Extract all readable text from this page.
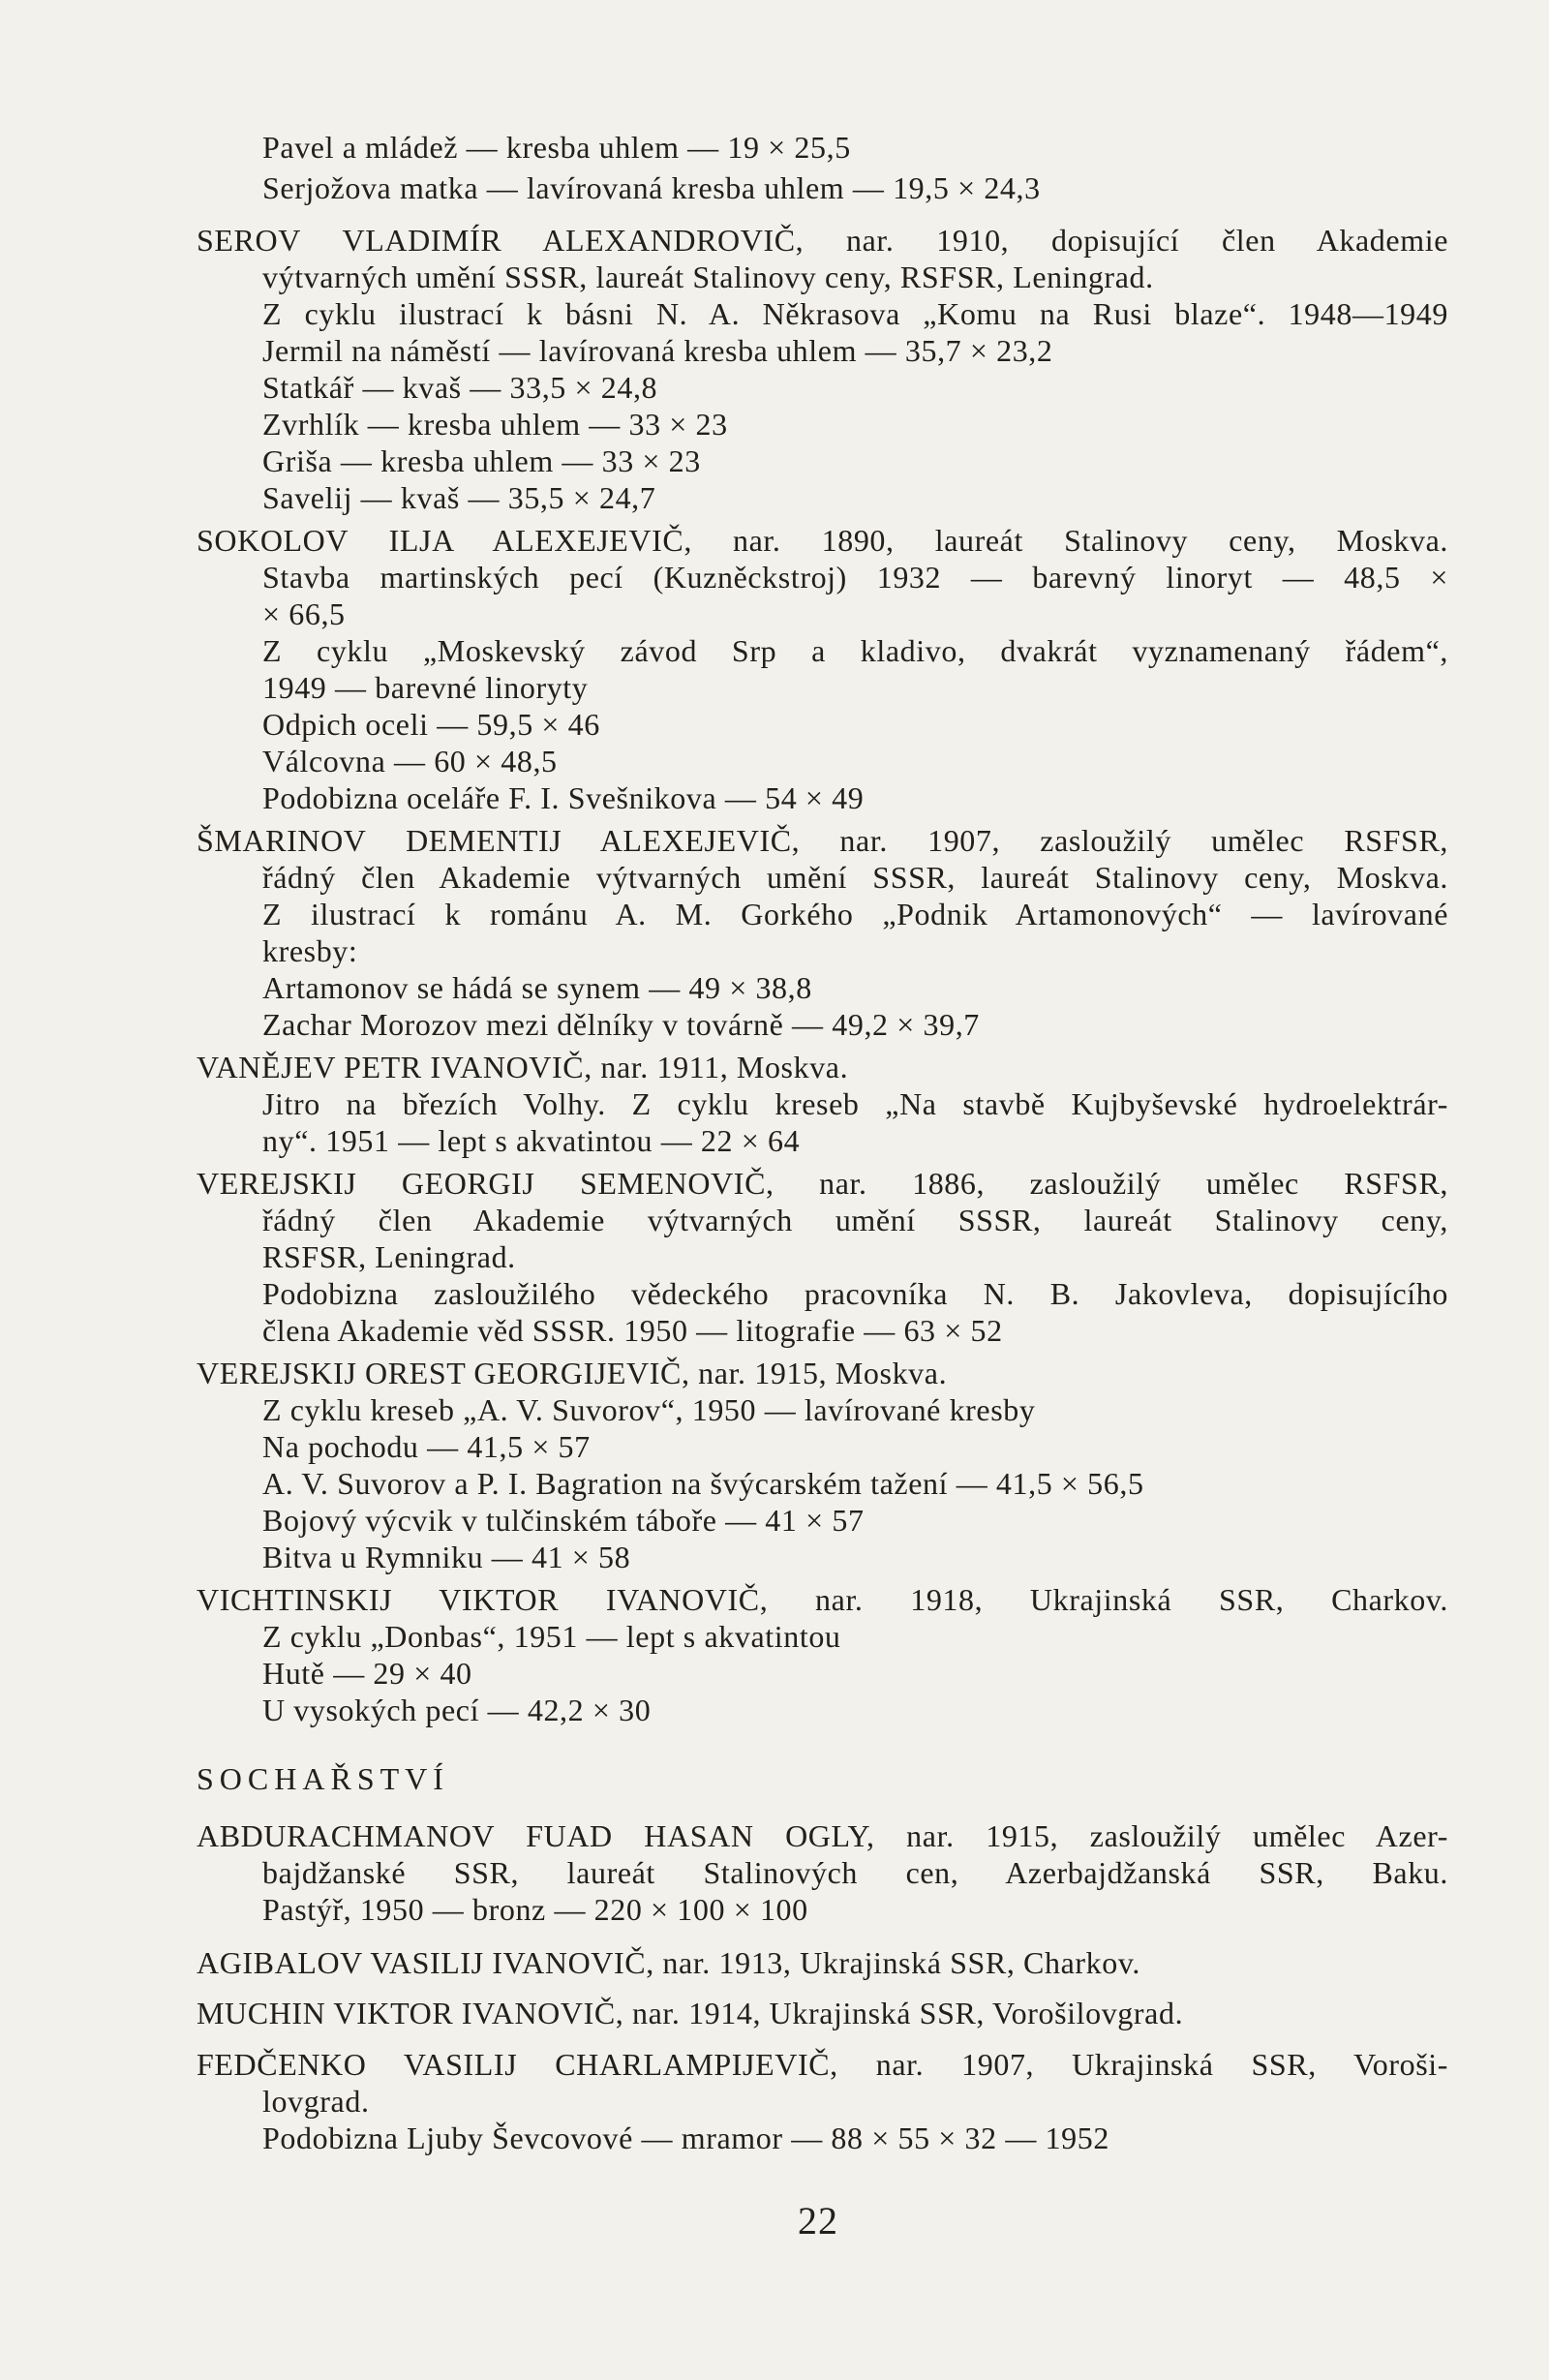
Pavel a mládež — kresba uhlem — 19 × 25,5
Serjožova matka — lavírovaná kresba uhlem — 19,5 × 24,3
SEROV VLADIMÍR ALEXANDROVIČ, nar. 1910, dopisující člen Akademie
výtvarných umění SSSR, laureát Stalinovy ceny, RSFSR, Leningrad.
Z cyklu ilustrací k básni N. A. Někrasova „Komu na Rusi blaze“. 1948—1949
Jermil na náměstí — lavírovaná kresba uhlem — 35,7 × 23,2
Statkář — kvaš — 33,5 × 24,8
Zvrhlík — kresba uhlem — 33 × 23
Griša — kresba uhlem — 33 × 23
Savelij — kvaš — 35,5 × 24,7
SOKOLOV ILJA ALEXEJEVIČ, nar. 1890, laureát Stalinovy ceny, Moskva.
Stavba martinských pecí (Kuzněckstroj) 1932 — barevný linoryt — 48,5 ×
× 66,5
Z cyklu „Moskevský závod Srp a kladivo, dvakrát vyznamenaný řádem“,
1949 — barevné linoryty
Odpich oceli — 59,5 × 46
Válcovna — 60 × 48,5
Podobizna oceláře F. I. Svešnikova — 54 × 49
ŠMARINOV DEMENTIJ ALEXEJEVIČ, nar. 1907, zasloužilý umělec RSFSR,
řádný člen Akademie výtvarných umění SSSR, laureát Stalinovy ceny, Moskva.
Z ilustrací k románu A. M. Gorkého „Podnik Artamonových“ — lavírované
kresby:
Artamonov se hádá se synem — 49 × 38,8
Zachar Morozov mezi dělníky v továrně — 49,2 × 39,7
VANĚJEV PETR IVANOVIČ, nar. 1911, Moskva.
Jitro na březích Volhy. Z cyklu kreseb „Na stavbě Kujbyševské hydroelektrár-
ny“. 1951 — lept s akvatintou — 22 × 64
VEREJSKIJ GEORGIJ SEMENOVIČ, nar. 1886, zasloužilý umělec RSFSR,
řádný člen Akademie výtvarných umění SSSR, laureát Stalinovy ceny,
RSFSR, Leningrad.
Podobizna zasloužilého vědeckého pracovníka N. B. Jakovleva, dopisujícího
člena Akademie věd SSSR. 1950 — litografie — 63 × 52
VEREJSKIJ OREST GEORGIJEVIČ, nar. 1915, Moskva.
Z cyklu kreseb „A. V. Suvorov“, 1950 — lavírované kresby
Na pochodu — 41,5 × 57
A. V. Suvorov a P. I. Bagration na švýcarském tažení — 41,5 × 56,5
Bojový výcvik v tulčinském táboře — 41 × 57
Bitva u Rymniku — 41 × 58
VICHTINSKIJ VIKTOR IVANOVIČ, nar. 1918, Ukrajinská SSR, Charkov.
Z cyklu „Donbas“, 1951 — lept s akvatintou
Hutě — 29 × 40
U vysokých pecí — 42,2 × 30
SOCHAŘSTVÍ
ABDURACHMANOV FUAD HASAN OGLY, nar. 1915, zasloužilý umělec Azer-
bajdžanské SSR, laureát Stalinových cen, Azerbajdžanská SSR, Baku.
Pastýř, 1950 — bronz — 220 × 100 × 100
AGIBALOV VASILIJ IVANOVIČ, nar. 1913, Ukrajinská SSR, Charkov.
MUCHIN VIKTOR IVANOVIČ, nar. 1914, Ukrajinská SSR, Vorošilovgrad.
FEDČENKO VASILIJ CHARLAMPIJEVIČ, nar. 1907, Ukrajinská SSR, Voroši-
lovgrad.
Podobizna Ljuby Ševcovové — mramor — 88 × 55 × 32 — 1952
22
